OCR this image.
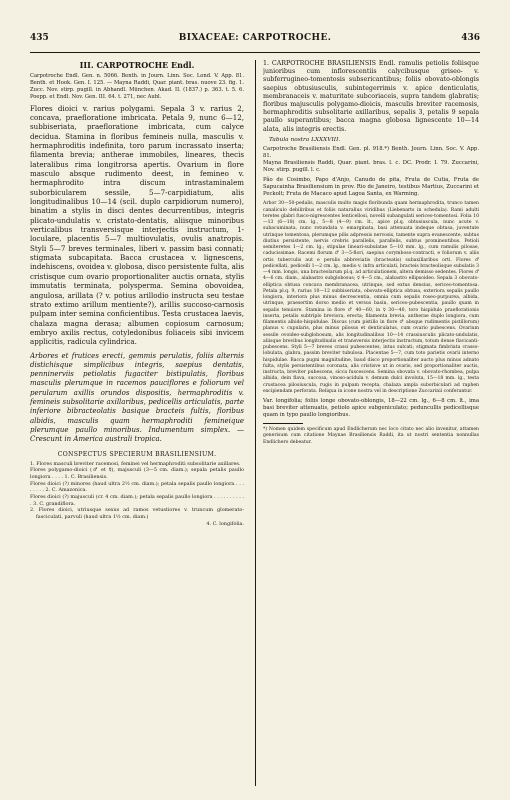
435	BIXACEAE: CARPOTROCHE.	436
III. CARPOTROCHE Endl.

Carpotroche Endl. Gen. n. 5066. Benth. in Journ. Linn. Soc. Lond. V. App. 81. Benth. et Hook. Gen. I. 125. — Mayna Raddi, Quar. piant. bras. nuove 23. fig. 1. Zucc. Nov. stirp. pugill. in Abhandl. München. Akad. II. (1837.) p. 363. t. 5. 6. Poepp. et Endl. Nov. Gen. III. 64. t. 271, nec Aubl.

Flores dioici v. rarius polygami. Sepala 3 v. rarius 2, concava, praefloratione imbricata. Petala 9, nunc 6—12, subbiseriata, praefloratione imbricata, cum calyce decidua. Stamina in floribus femineis nulla, masculis v. hermaphroditis indefinita, toro parum incrassato inserta; filamenta brevia; antherae immobiles, lineares, thecis lateralibus rima longitrorsa apertis. Ovarium in flore masculo absque rudimento deest, in femineo v. hermaphrodito intra discum intrastaminalem suborbicularem sessile, 5—7-carpidiatum, alis longitudinalibus 10—14 (scil. duplo carpidiorum numero), binatim a stylis in disci dentes decurrentibus, integris plicato-undulatis v. cristato-dentatis, aliisque minoribus verticalibus transversisque interjectis instructum, 1-loculare, placentis 5—7 multiovulatis, ovulis anatropis. Styli 5—7 breves terminales, liberi v. passim basi connati; stigmata subcapitata. Bacca crustacea v. lignescens, indehiscens, ovoidea v. globosa, disco persistente fulta, alis cristisque cum ovario proportionaliter auctis ornata, stylis immutatis terminata, polysperma. Semina obovoidea, angulosa, arillata (? v. potius arillodio instructa seu testae strato extimo arillum mentiente?), arillis succoso-carnosis pulpam inter semina conficientibus. Testa crustacea laevis, chalaza magna derasa; albumen copiosum carnosum; embryo axilis rectus, cotyledonibus foliaceis sibi invicem applicitis, radicula cylindrica.

Arbores et frutices erecti, gemmis perulatis, foliis alternis distichisque simplicibus integris, saepius dentatis, penninerviis petiolatis fugaciter bistipulatis, floribus masculis plerumque in racemos pauciflores e foliorum vel perularum axillis orundos dispositis, hermaphroditis v. femineis subsolitarie axillaribus, pedicellis articulatis, parte inferiore bibracteolatis basique bracteis fultis, floribus albidis, masculis quam hermaphroditi femineique plerumque paullo minoribus. Indumentum simplex. — Crescunt in America australi tropica.

CONSPECTUS SPECIERUM BRASILIENSIUM.

1. Flores masculi breviter racemosi, feminei vel hermaphroditi subsolitarie axillares.

Flores polygamo-dioici (♂ et ☿), majusculi (3—5 cm. diam.); sepala petalis paullo longiora . . . . 1. C. Brasiliensis.

Flores dioici (?) minores (haud ultra 2½ cm. diam.); petala sepalis paullo longiora . . . . . . . . 2. C. Amazonica.

Flores dioici (?) majusculi (cr. 4 cm. diam.); petala sepalis paullo longiora . . . . . . . . . . . 3. C. grandiflora.

2. Flores dioici, utriusque sexus ad ramos vetustiores v. truncum glomerato-fasciculati, parvuli (haud ultra 1½ cm. diam.)

4. C. longifolia.

1. CARPOTROCHE BRASILIENSIS Endl. ramulis petiolis foliisque junioribus cum inflorescentiis calycibusque griseo- v. subferrugineo-tomentosis subsericantibus; foliis obovato-oblongis saepius obtusiusculis, subintegerrimis v. apice denticulatis, membranaceis v. maturitate subcoriaceis, supra tandem glabratis; floribus majusculis polygamo-dioicis, masculis breviter racemosis, hermaphroditis subsolitarie axillaribus, sepalis 3, petalis 9 sepala paullo superantibus; bacca magna globosa lignescente 10—14 alata, alis integris erectis.

Tabula nostra LXXXVIII.

Carpotroche Brasiliensis Endl. Gen. pl. 918.*) Benth. Journ. Linn. Soc. V. App. 81.
Mayna Brasiliensis Raddi, Quar. piant. bras. l. c. DC. Prodr. I. 79. Zuccarini, Nov. stirp. pugill. l. c.

Pão de Cosimbo, Papo d'Anjo, Canudo de pita, Fruta de Cutia, Fruta de Sapucainha Brasiliensium in prov. Rio de Janeiro, testibus Martius, Zuccarini et Peckolt; Fruta de Macaco apud Lagoa Santa, ex Warming.

Arbor 30—50-pedalis, masculis multo magis floribunda quam hermaphrodita, trunco tamen canaliculo debiliribus et foliis naturalius viridibus (Liebenarts in schedula). Rami adulti teretes glabri fusco-nigrescentes lenticellosi, novelli subangulati sericeo-tomentosi. Folia 10—13 (6—18) cm. lg., 5—8 (4—9) cm. lt., apice pl.q. obtusiuscula, nunc acute v. subacuminata, nunc rotundata v. emarginata, basi attenuata indeque obtusa, juventute utrinque tomentosa, plerumque pilis adpressis nervosis, tamente supra evanescente, subtus diutius persistente, nervis crebris parallelis, parallelis, subtus prominentibus. Petioli semiteretes 1—2 cm. lg.; stipulae lineari-subulatae 5—10 mm. lg., cum ramulis pilosae, caducissimae. Racemi florum ♂ 3—5-flori, saepius corymboso-contracti, e foliorum v. aliis ortis tuberculis aut e perulis abbreviatis (bracteatis) subaxillaribus orti. Flores ♂ pedicellati, pedicelli 1—2 cm. lg., medio v. infra articulati, bracteis bracteolisque subulatis 3—4 mm. longis, una bracteolarum pl.q. ad articulationem, altera demisso sedentes. Flores ♂ 4—6 cm. diam., alabastro subglobosus; ☿ 4—5 cm., alabastro ellipsoideo. Sepala 3 obovato-elliptica obtusa concava membranacea, utrinque, sed extus densius, sericeo-tomentosa. Petala pl.q. 9, rarius 10—12 subbiseriata, obovato-elliptica obtusa, exteriora sepalis paullo longiora, interiora plus minus decrescentia, omnia cum sepalis roseo-purpurea, albida, utrinque, praesertim dorso medio et versus basin, sericeo-pubescentia, paullo quam in sepalis tenuiore. Stamina in flore ♂ 40—60, in ☿ 30—40, toro hispidulo praeflorationis inserta, petalis subtriplo breviora, erecta; filamenta brevia, antherae duplo longiora, cum filamentis albido-hispidulae. Discus (cum pistillo in flore ♂ absque rudimentis pistillorum) planus v. cupularis, plus minus pilosus et denticulatus, cum ovario pubescens. Ovarium sessile ovoideo-subglobosum, alis longitudinalibus 10—14 crassiusculis plicato-undulatis, aliisque brevibus longitudinalis et transversis interjectis instructum, totum dense flavicanti-pubescens. Styli 5—7 breves crassi pubescentes, intus sulcati; stigmata fimbriata crasso-lobulata, glabra, passim breviter tubulosa. Placentae 5—7, cum toto parietis ovarii interno hispidulae. Bacca pugni magnitudine, baud disco proportionaliter aucto plus minus adnato fulta, stylis persistentibus coronata, alis cristisve ut in ovario, sed proportionaliter auctis, instructa, breviter pubescens, sicca fuscescens. Semina obovata v. obovato-rhombea, pulpa albida, dein flava, succosa, vinoso-acidula v. demum dulci involuta, 15—18 mm. lg., testa crustacea pilosiuscula, rugis in pulpam recepta, chalaza ampla suborbiculari ad raphen excipiendam perforata. Reliqua in icone nostra vel in descriptione Zuccarinii conferantur.

Var. longifolia; foliis longe obovato-oblongis, 18—22 cm. lg., 6—8 cm. lt., ima basi breviter attenuatis, petiolo apice subgeniculato; peduncullis pedicellisque quam in typo paullo longioribus.

*) Nomen quidem specificum apud Endlicherum nec loco citato nec alio invenitur, attamen generisum cum citatione Maynae Brasiliensis Raddi, ita ut nostri sententia nonnullas Endlicherо debeatur.
